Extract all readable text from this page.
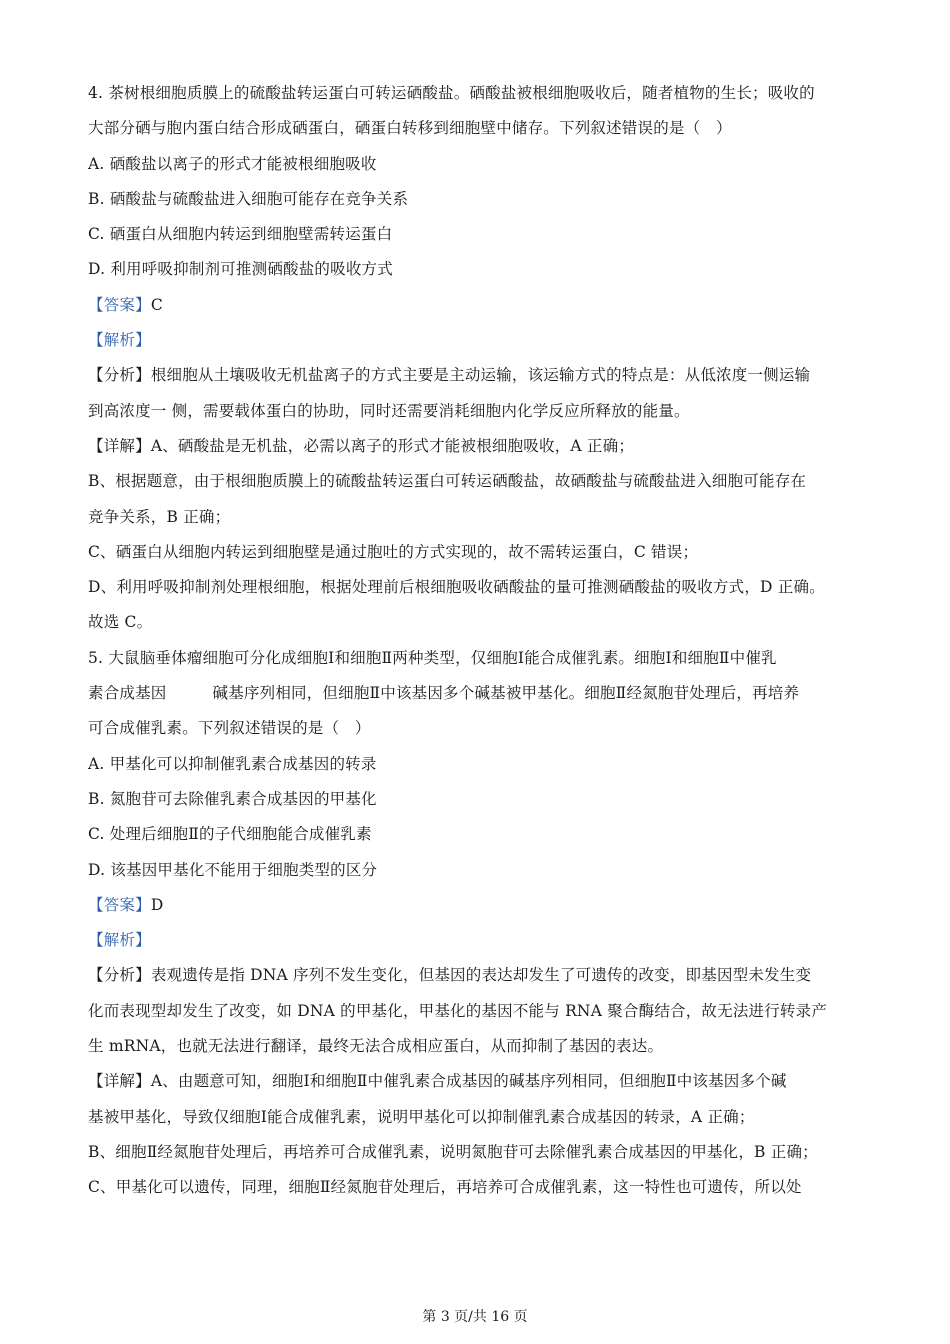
4. 茶树根细胞质膜上的硫酸盐转运蛋白可转运硒酸盐。硒酸盐被根细胞吸收后，随者植物的生长；吸收的
大部分硒与胞内蛋白结合形成硒蛋白，硒蛋白转移到细胞壁中储存。下列叙述错误的是（　）
A. 硒酸盐以离子的形式才能被根细胞吸收
B. 硒酸盐与硫酸盐进入细胞可能存在竞争关系
C. 硒蛋白从细胞内转运到细胞壁需转运蛋白
D. 利用呼吸抑制剂可推测硒酸盐的吸收方式
【答案】C
【解析】
【分析】根细胞从土壤吸收无机盐离子的方式主要是主动运输，该运输方式的特点是：从低浓度一侧运输
到高浓度一 侧，需要载体蛋白的协助，同时还需要消耗细胞内化学反应所释放的能量。
【详解】A、硒酸盐是无机盐，必需以离子的形式才能被根细胞吸收，A 正确；
B、根据题意，由于根细胞质膜上的硫酸盐转运蛋白可转运硒酸盐，故硒酸盐与硫酸盐进入细胞可能存在
竞争关系，B 正确；
C、硒蛋白从细胞内转运到细胞壁是通过胞吐的方式实现的，故不需转运蛋白，C 错误；
D、利用呼吸抑制剂处理根细胞，根据处理前后根细胞吸收硒酸盐的量可推测硒酸盐的吸收方式，D 正确。
故选 C。
5. 大鼠脑垂体瘤细胞可分化成细胞Ⅰ和细胞Ⅱ两种类型，仅细胞Ⅰ能合成催乳素。细胞Ⅰ和细胞Ⅱ中催乳
素合成基因	碱基序列相同，但细胞Ⅱ中该基因多个碱基被甲基化。细胞Ⅱ经氮胞苷处理后，再培养
可合成催乳素。下列叙述错误的是（　）
A. 甲基化可以抑制催乳素合成基因的转录
B. 氮胞苷可去除催乳素合成基因的甲基化
C. 处理后细胞Ⅱ的子代细胞能合成催乳素
D. 该基因甲基化不能用于细胞类型的区分
【答案】D
【解析】
【分析】表观遗传是指 DNA 序列不发生变化，但基因的表达却发生了可遗传的改变，即基因型未发生变
化而表现型却发生了改变，如 DNA 的甲基化，甲基化的基因不能与 RNA 聚合酶结合，故无法进行转录产
生 mRNA，也就无法进行翻译，最终无法合成相应蛋白，从而抑制了基因的表达。
【详解】A、由题意可知，细胞Ⅰ和细胞Ⅱ中催乳素合成基因的碱基序列相同，但细胞Ⅱ中该基因多个碱
基被甲基化，导致仅细胞Ⅰ能合成催乳素，说明甲基化可以抑制催乳素合成基因的转录，A 正确；
B、细胞Ⅱ经氮胞苷处理后，再培养可合成催乳素，说明氮胞苷可去除催乳素合成基因的甲基化，B 正确；
C、甲基化可以遗传，同理，细胞Ⅱ经氮胞苷处理后，再培养可合成催乳素，这一特性也可遗传，所以处
第 3 页/共 16 页
